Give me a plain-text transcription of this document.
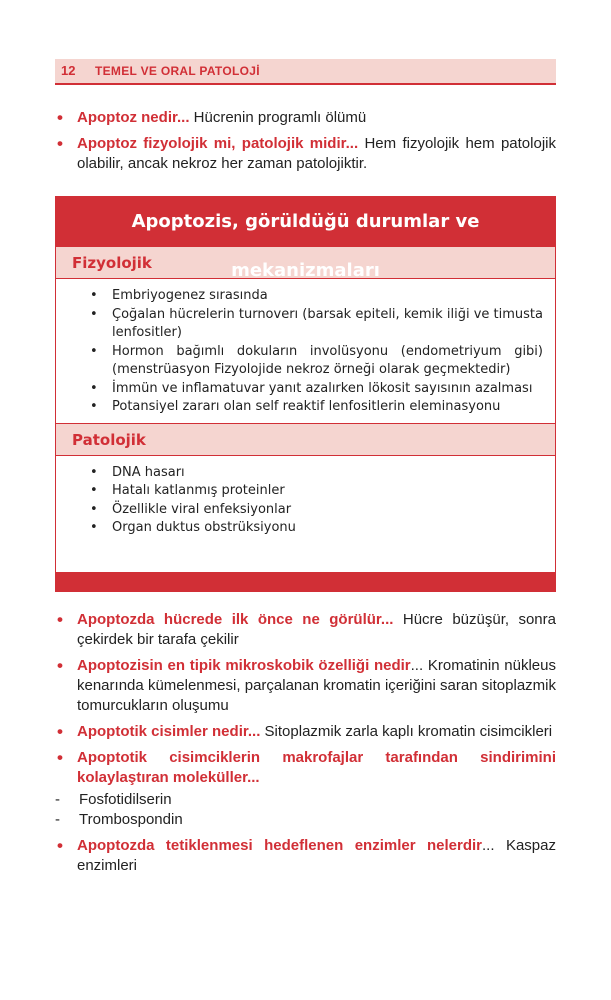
12 TEMEL VE ORAL PATOLOJİ
• Apoptoz nedir... Hücrenin programlı ölümü
• Apoptoz fizyolojik mi, patolojik midir... Hem fizyolojik hem patolojik olabilir, ancak nekroz her zaman patolojiktir.
Apoptozis, görüldüğü durumlar ve mekanizmaları
Fizyolojik
• Embriyogenez sırasında
• Çoğalan hücrelerin turnoverı (barsak epiteli, kemik iliği ve timusta lenfositler)
• Hormon bağımlı dokuların involüsyonu (endometriyum gibi) (menstrüasyon Fizyolojide nekroz örneği olarak geçmektedir)
• İmmün ve inflamatuvar yanıt azalırken lökosit sayısının azalması
• Potansiyel zararı olan self reaktif lenfositlerin eleminasyonu
Patolojik
• DNA hasarı
• Hatalı katlanmış proteinler
• Özellikle viral enfeksiyonlar
• Organ duktus obstrüksiyonu
• Apoptozda hücrede ilk önce ne görülür... Hücre büzüşür, sonra çekirdek bir tarafa çekilir
• Apoptozisin en tipik mikroskobik özelliği nedir... Kromatinin nükleus kenarında kümelenmesi, parçalanan kromatin içeriğini saran sitoplazmik tomurcukların oluşumu
• Apoptotik cisimler nedir... Sitoplazmik zarla kaplı kromatin cisimcikleri
• Apoptotik cisimciklerin makrofajlar tarafından sindirimini kolaylaştıran moleküller...
- Fosfotidilserin
- Trombospondin
• Apoptozda tetiklenmesi hedeflenen enzimler nelerdir... Kaspaz enzimleri
